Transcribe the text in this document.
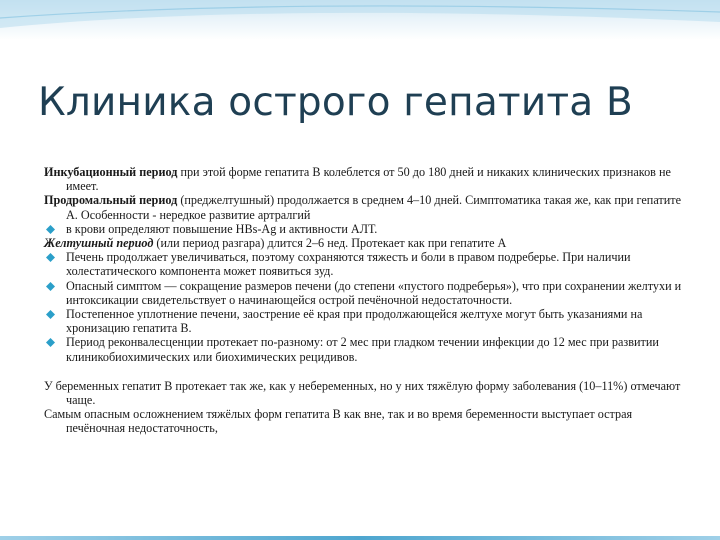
Клиника острого гепатита В

Инкубационный период при этой форме гепатита В колеблется от 50 до 180 дней и никаких клинических признаков не имеет.

Продромальный период (преджелтушный) продолжается в среднем 4–10 дней. Симптоматика такая же, как при гепатите А. Особенности - нередкое развитие артралгий

в крови определяют повышение HBs-Ag и активности АЛТ.

Желтушный период (или период разгара) длится 2–6 нед. Протекает как при гепатите А

Печень продолжает увеличиваться, поэтому сохраняются тяжесть и боли в правом подреберье. При наличии холестатического компонента может появиться зуд.

Опасный симптом — сокращение размеров печени (до степени «пустого подреберья»), что при сохранении желтухи и интоксикации свидетельствует о начинающейся острой печёночной недостаточности.

Постепенное уплотнение печени, заострение её края при продолжающейся желтухе могут быть указаниями на хронизацию гепатита В.

Период реконвалесценции протекает по-разному: от 2 мес при гладком течении инфекции до 12 мес при развитии клиникобиохимических или биохимических рецидивов.

У беременных гепатит В протекает так же, как у небеременных, но у них тяжёлую форму заболевания (10–11%) отмечают чаще.

Самым опасным осложнением тяжёлых форм гепатита В как вне, так и во время беременности выступает острая печёночная недостаточность,
